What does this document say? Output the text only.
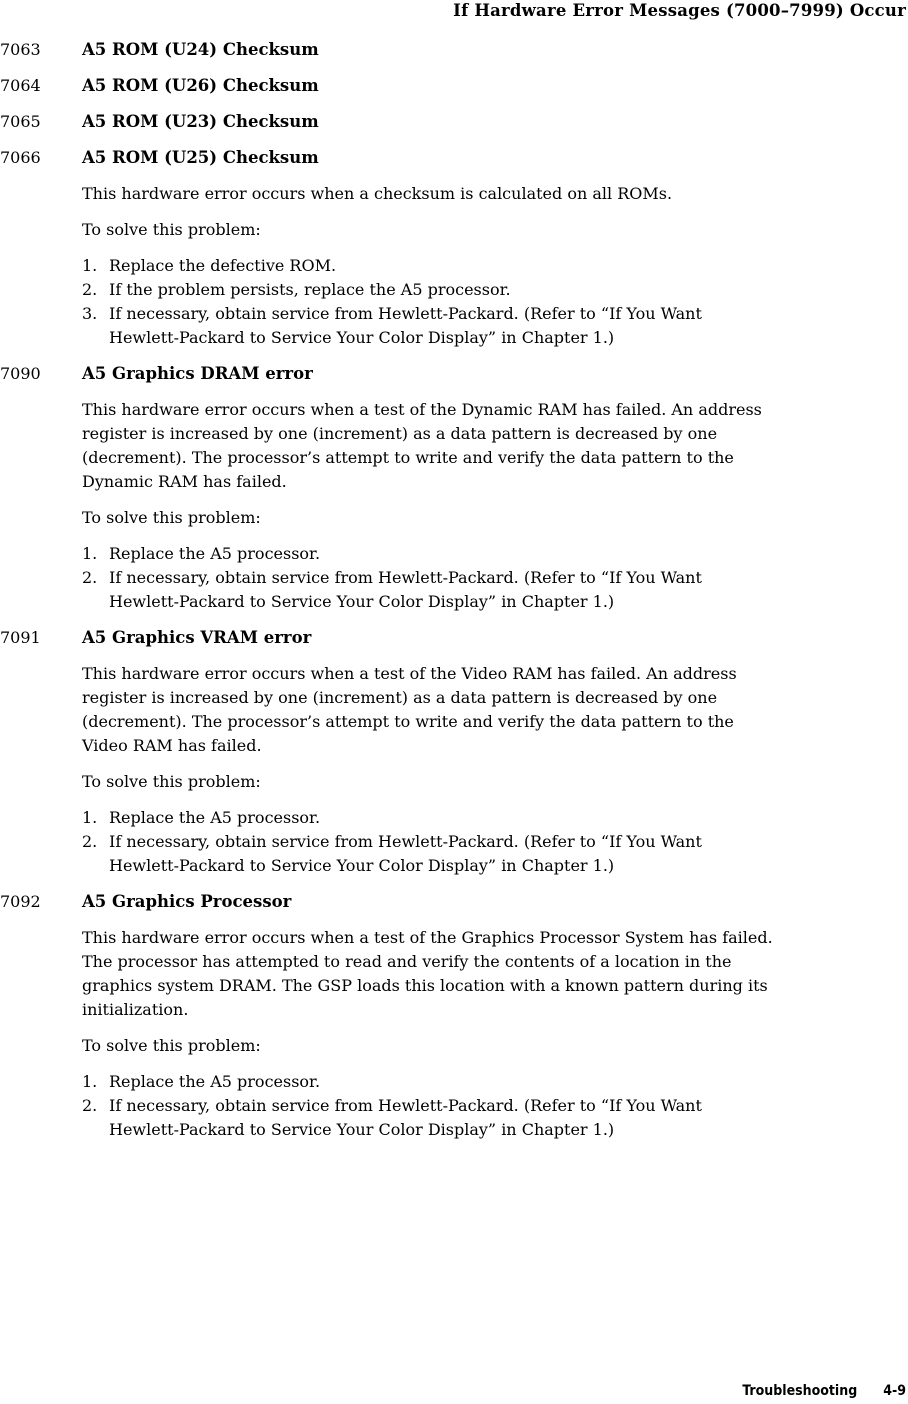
If Hardware Error Messages (7000–7999) Occur
7063	A5 ROM (U24) Checksum
7064	A5 ROM (U26) Checksum
7065	A5 ROM (U23) Checksum
7066	A5 ROM (U25) Checksum

This hardware error occurs when a checksum is calculated on all ROMs.

To solve this problem:

1. Replace the defective ROM.
2. If the problem persists, replace the A5 processor.
3. If necessary, obtain service from Hewlett-Packard. (Refer to “If You Want
Hewlett-Packard to Service Your Color Display” in Chapter 1.)
7090	A5 Graphics DRAM error

This hardware error occurs when a test of the Dynamic RAM has failed. An address
register is increased by one (increment) as a data pattern is decreased by one
(decrement). The processor’s attempt to write and verify the data pattern to the
Dynamic RAM has failed.

To solve this problem:

1. Replace the A5 processor.
2. If necessary, obtain service from Hewlett-Packard. (Refer to “If You Want
Hewlett-Packard to Service Your Color Display” in Chapter 1.)
7091	A5 Graphics VRAM error

This hardware error occurs when a test of the Video RAM has failed. An address
register is increased by one (increment) as a data pattern is decreased by one
(decrement). The processor’s attempt to write and verify the data pattern to the
Video RAM has failed.

To solve this problem:

1. Replace the A5 processor.
2. If necessary, obtain service from Hewlett-Packard. (Refer to “If You Want
Hewlett-Packard to Service Your Color Display” in Chapter 1.)
7092	A5 Graphics Processor

This hardware error occurs when a test of the Graphics Processor System has failed.
The processor has attempted to read and verify the contents of a location in the
graphics system DRAM. The GSP loads this location with a known pattern during its
initialization.

To solve this problem:

1. Replace the A5 processor.
2. If necessary, obtain service from Hewlett-Packard. (Refer to “If You Want
Hewlett-Packard to Service Your Color Display” in Chapter 1.)
Troubleshooting 4-9
